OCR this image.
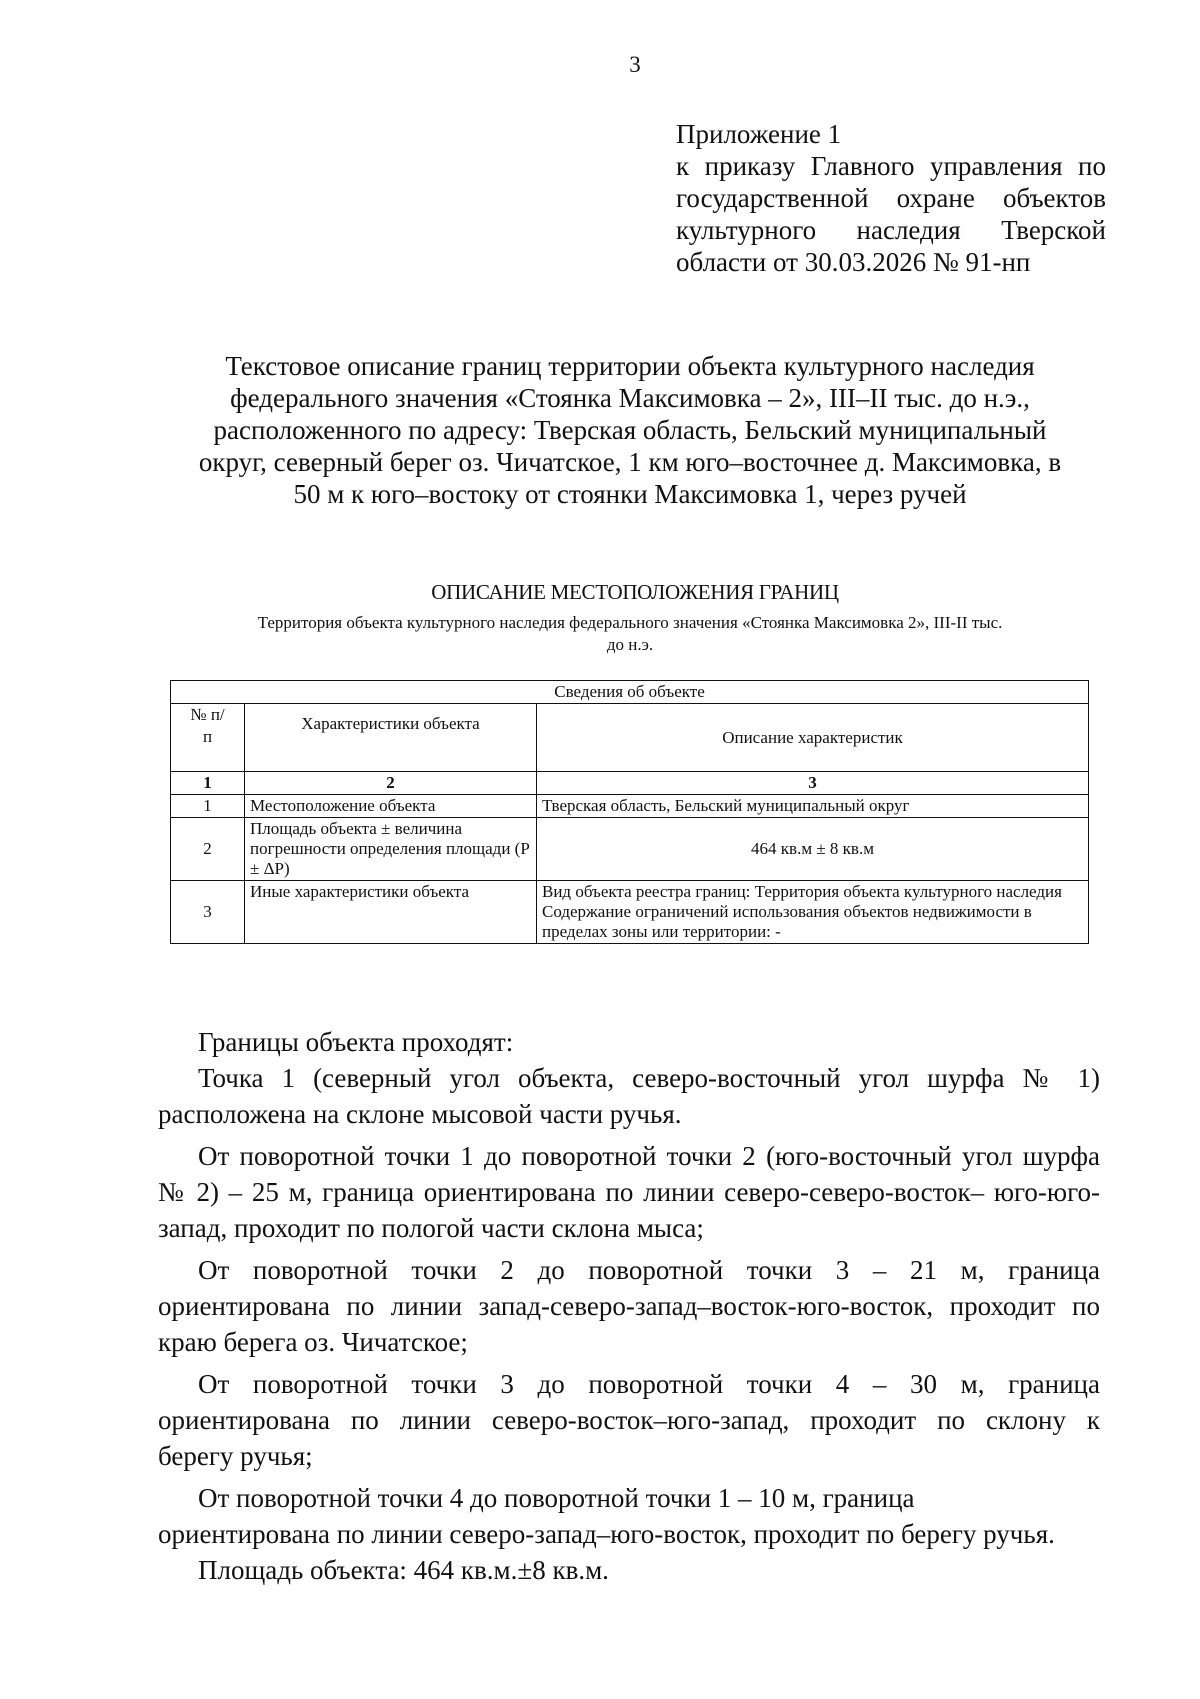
3
Приложение 1
к приказу Главного управления по
государственной охране объектов
культурного наследия Тверской
области от 30.03.2026 № 91-нп
Текстовое описание границ территории объекта культурного наследия
федерального значения «Стоянка Максимовка – 2», III–II тыс. до н.э.,
расположенного по адресу: Тверская область, Бельский муниципальный
округ, северный берег оз. Чичатское, 1 км юго–восточнее д. Максимовка, в
50 м к юго–востоку от стоянки Максимовка 1, через ручей
ОПИСАНИЕ МЕСТОПОЛОЖЕНИЯ ГРАНИЦ
Территория объекта культурного наследия федерального значения «Стоянка Максимовка 2», III-II тыс.
до н.э.
Сведения об объекте		
№ п/ п	Характеристики объекта	Описание характеристик
1	2	3
1	Местоположение объекта	Тверская область, Бельский муниципальный округ
2	Площадь объекта ± величина погрешности определения площади (Р ± ΔР)	464 кв.м ± 8 кв.м
3	Иные характеристики объекта	Вид объекта реестра границ: Территория объекта культурного наследия
Содержание ограничений использования объектов недвижимости в пределах зоны или территории: -
Границы объекта проходят:
Точка 1 (северный угол объекта, северо-восточный угол шурфа № 1)
расположена на склоне мысовой части ручья.
От поворотной точки 1 до поворотной точки 2 (юго-восточный угол шурфа
№ 2) – 25 м, граница ориентирована по линии северо-северо-восток– юго-юго-
запад, проходит по пологой части склона мыса;
От поворотной точки 2 до поворотной точки 3 – 21 м, граница
ориентирована по линии запад-северо-запад–восток-юго-восток, проходит по
краю берега оз. Чичатское;
От поворотной точки 3 до поворотной точки 4 – 30 м, граница
ориентирована по линии северо-восток–юго-запад, проходит по склону к
берегу ручья;
От поворотной точки 4 до поворотной точки 1 – 10 м, граница
ориентирована по линии северо-запад–юго-восток, проходит по берегу ручья.
Площадь объекта: 464 кв.м.±8 кв.м.
